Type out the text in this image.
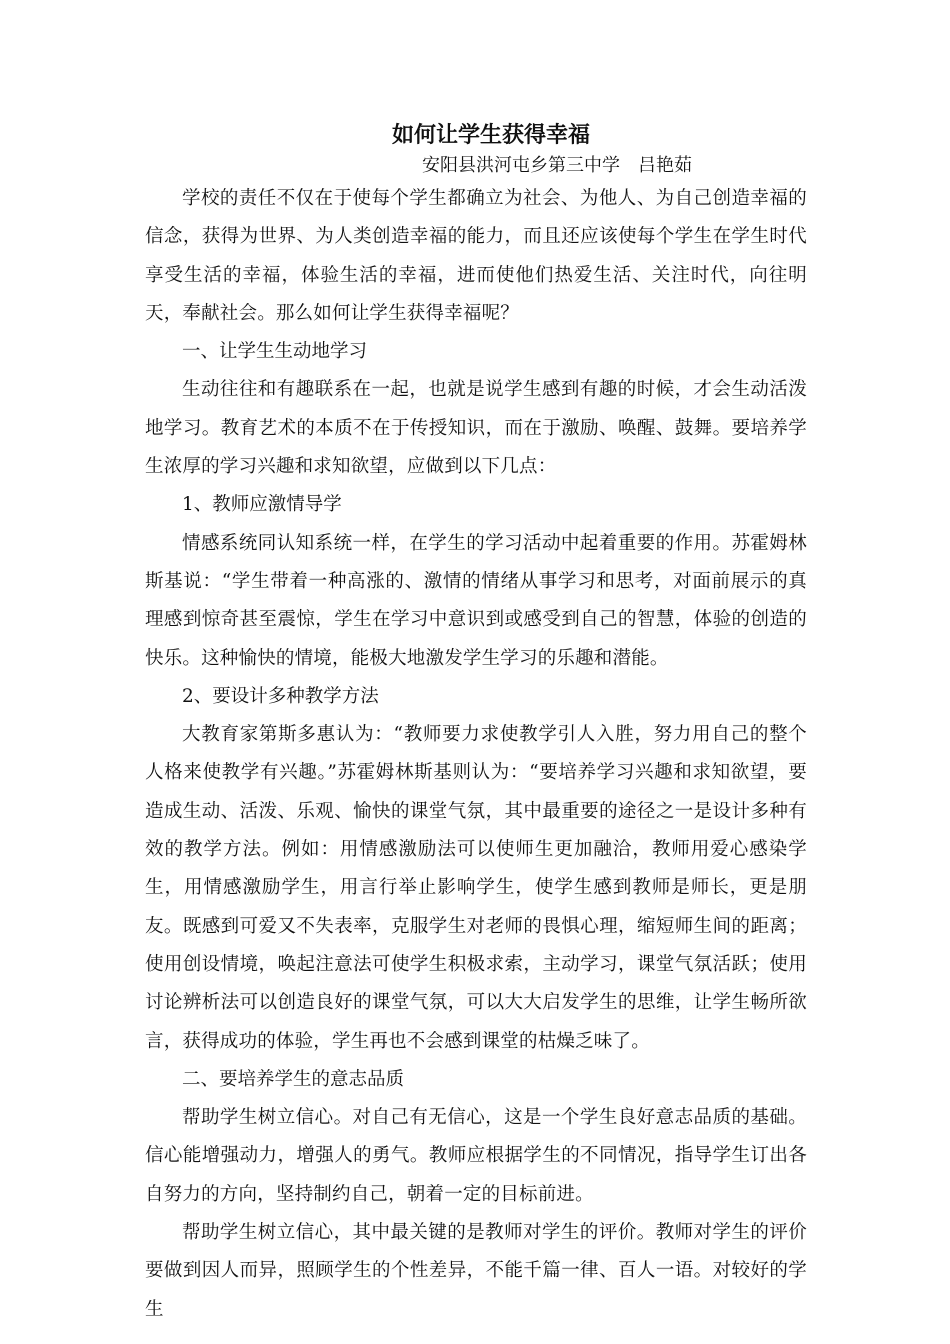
如何让学生获得幸福

安阳县洪河屯乡第三中学　吕艳茹

学校的责任不仅在于使每个学生都确立为社会、为他人、为自己创造幸福的信念，获得为世界、为人类创造幸福的能力，而且还应该使每个学生在学生时代享受生活的幸福，体验生活的幸福，进而使他们热爱生活、关注时代，向往明天，奉献社会。那么如何让学生获得幸福呢？

一、让学生生动地学习

生动往往和有趣联系在一起，也就是说学生感到有趣的时候，才会生动活泼地学习。教育艺术的本质不在于传授知识，而在于激励、唤醒、鼓舞。要培养学生浓厚的学习兴趣和求知欲望，应做到以下几点：

1、教师应激情导学

情感系统同认知系统一样，在学生的学习活动中起着重要的作用。苏霍姆林斯基说：“学生带着一种高涨的、激情的情绪从事学习和思考，对面前展示的真理感到惊奇甚至震惊，学生在学习中意识到或感受到自己的智慧，体验的创造的快乐。这种愉快的情境，能极大地激发学生学习的乐趣和潜能。

2、要设计多种教学方法

大教育家第斯多惠认为：“教师要力求使教学引人入胜，努力用自己的整个人格来使教学有兴趣。”苏霍姆林斯基则认为：“要培养学习兴趣和求知欲望，要造成生动、活泼、乐观、愉快的课堂气氛，其中最重要的途径之一是设计多种有效的教学方法。例如：用情感激励法可以使师生更加融洽，教师用爱心感染学生，用情感激励学生，用言行举止影响学生，使学生感到教师是师长，更是朋友。既感到可爱又不失表率，克服学生对老师的畏惧心理，缩短师生间的距离；使用创设情境，唤起注意法可使学生积极求索，主动学习，课堂气氛活跃；使用讨论辨析法可以创造良好的课堂气氛，可以大大启发学生的思维，让学生畅所欲言，获得成功的体验，学生再也不会感到课堂的枯燥乏味了。

二、要培养学生的意志品质

帮助学生树立信心。对自己有无信心，这是一个学生良好意志品质的基础。信心能增强动力，增强人的勇气。教师应根据学生的不同情况，指导学生订出各自努力的方向，坚持制约自己，朝着一定的目标前进。

帮助学生树立信心，其中最关键的是教师对学生的评价。教师对学生的评价要做到因人而异，照顾学生的个性差异，不能千篇一律、百人一语。对较好的学生
